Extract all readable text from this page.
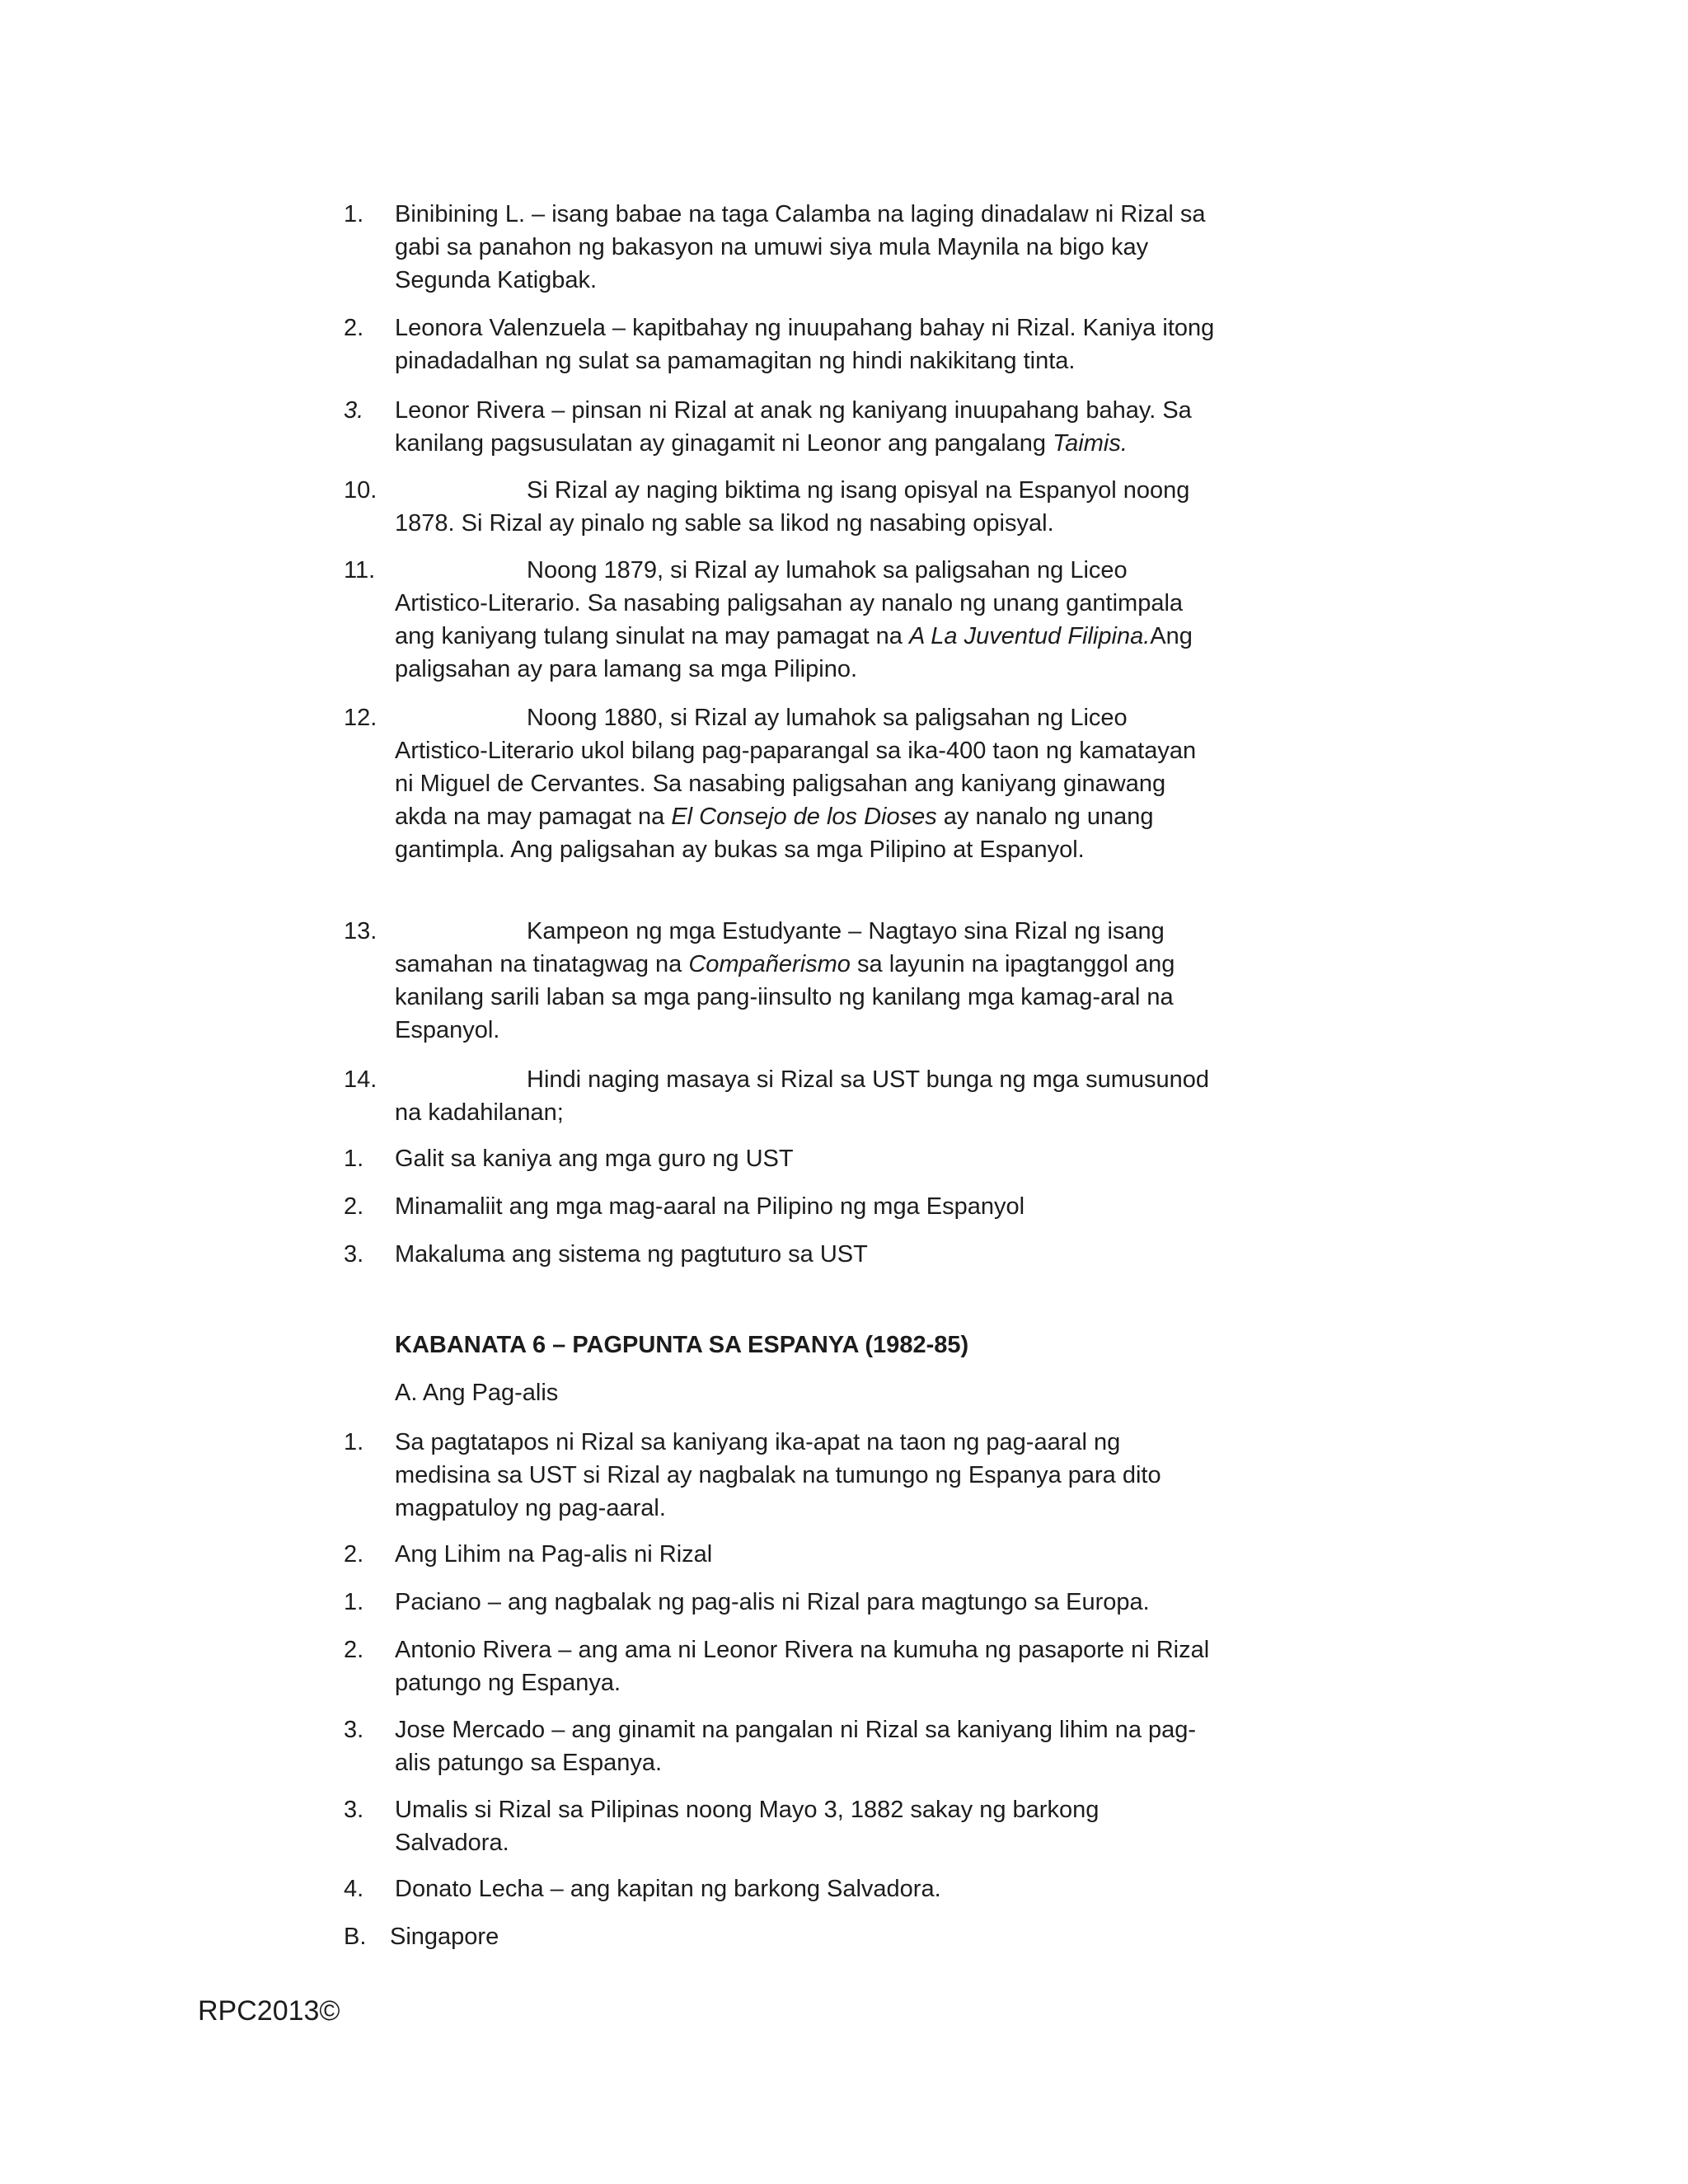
1. Binibining L. – isang babae na taga Calamba na laging dinadalaw ni Rizal sa gabi sa panahon ng bakasyon na umuwi siya mula Maynila na bigo kay Segunda Katigbak.
2. Leonora Valenzuela – kapitbahay ng inuupahang bahay ni Rizal. Kaniya itong pinadadalhan ng sulat sa pamamagitan ng hindi nakikitang tinta.
3. Leonor Rivera – pinsan ni Rizal at anak ng kaniyang inuupahang bahay. Sa kanilang pagsusulatan ay ginagamit ni Leonor ang pangalang Taimis.
10.	Si Rizal ay naging biktima ng isang opisyal na Espanyol noong 1878. Si Rizal ay pinalo ng sable sa likod ng nasabing opisyal.
11.	Noong 1879, si Rizal ay lumahok sa paligsahan ng Liceo Artistico-Literario. Sa nasabing paligsahan ay nanalo ng unang gantimpala ang kaniyang tulang sinulat na may pamagat na A La Juventud Filipina.Ang paligsahan ay para lamang sa mga Pilipino.
12.	Noong 1880, si Rizal ay lumahok sa paligsahan ng Liceo Artistico-Literario ukol bilang pag-paparangal sa ika-400 taon ng kamatayan ni Miguel de Cervantes. Sa nasabing paligsahan ang kaniyang ginawang akda na may pamagat na El Consejo de los Dioses ay nanalo ng unang gantimpla. Ang paligsahan ay bukas sa mga Pilipino at Espanyol.
13.	Kampeon ng mga Estudyante – Nagtayo sina Rizal ng isang samahan na tinatagwag na Compañerismo sa layunin na ipagtanggol ang kanilang sarili laban sa mga pang-iinsulto ng kanilang mga kamag-aral na Espanyol.
14.	Hindi naging masaya si Rizal sa UST bunga ng mga sumusunod na kadahilanan;
1. Galit sa kaniya ang mga guro ng UST
2. Minamaliit ang mga mag-aaral na Pilipino ng mga Espanyol
3. Makaluma ang sistema ng pagtuturo sa UST
KABANATA 6 – PAGPUNTA SA ESPANYA (1982-85)
A. Ang Pag-alis
1. Sa pagtatapos ni Rizal sa kaniyang ika-apat na taon ng pag-aaral ng medisina sa UST si Rizal ay nagbalak na tumungo ng Espanya para dito magpatuloy ng pag-aaral.
2. Ang Lihim na Pag-alis ni Rizal
1. Paciano – ang nagbalak ng pag-alis ni Rizal para magtungo sa Europa.
2. Antonio Rivera – ang ama ni Leonor Rivera na kumuha ng pasaporte ni Rizal patungo ng Espanya.
3. Jose Mercado – ang ginamit na pangalan ni Rizal sa kaniyang lihim na pag-alis patungo sa Espanya.
3. Umalis si Rizal sa Pilipinas noong Mayo 3, 1882 sakay ng barkong Salvadora.
4. Donato Lecha – ang kapitan ng barkong Salvadora.
B. Singapore
RPC2013©
